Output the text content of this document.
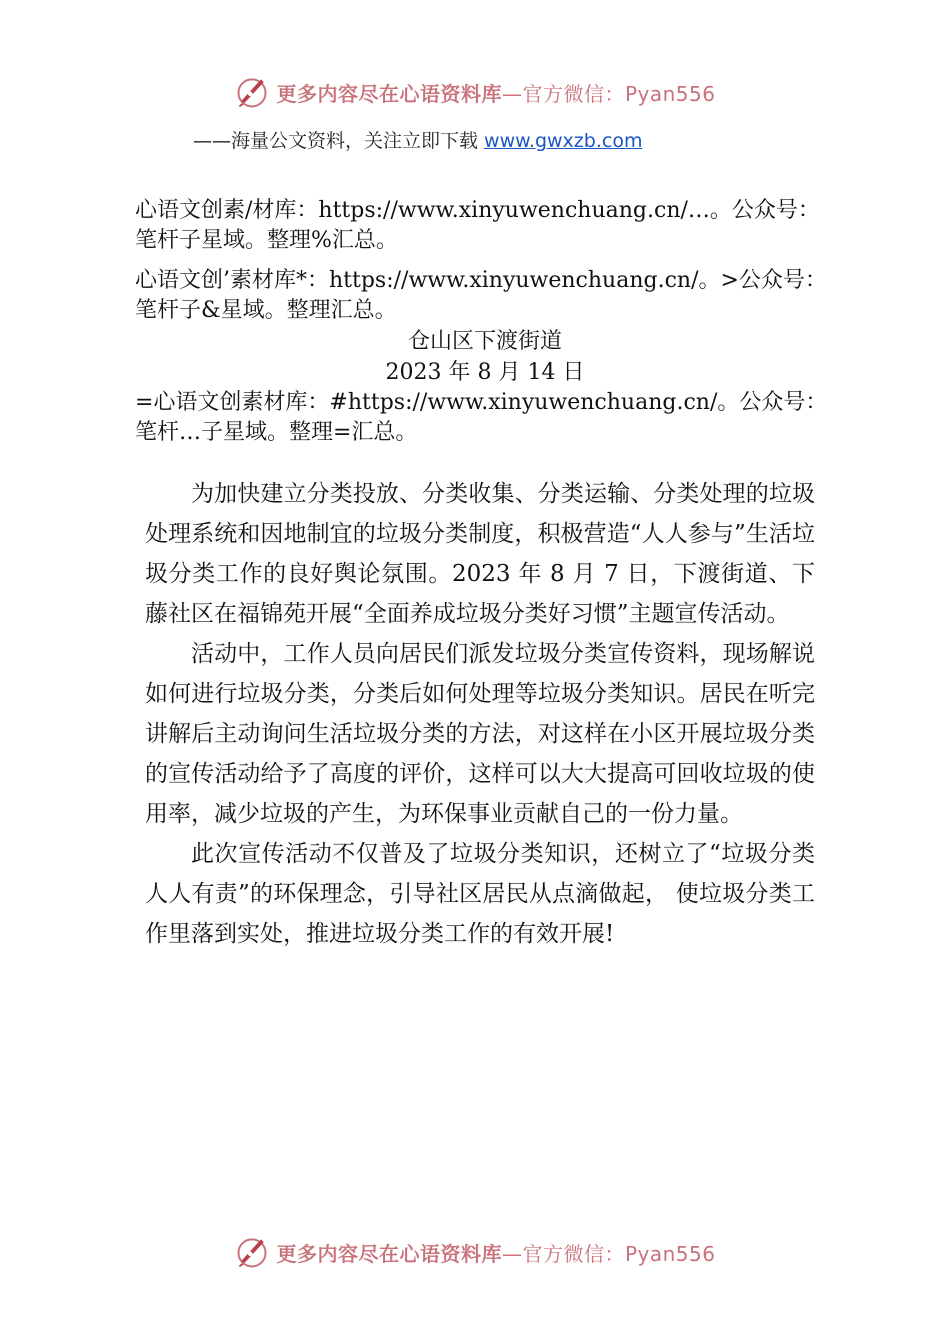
更多内容尽在心语资料库—官方微信：Pyan556
——海量公文资料，关注立即下载 www.gwxzb.com

心语文创素/材库：https://www.xinyuwenchuang.cn/…。公众号：笔杆子星域。整理%汇总。

心语文创’素材库*：https://www.xinyuwenchuang.cn/。>公众号：笔杆子&星域。整理汇总。

仓山区下渡街道

2023 年 8 月 14 日

=心语文创素材库：#https://www.xinyuwenchuang.cn/。公众号：笔杆…子星域。整理=汇总。

为加快建立分类投放、分类收集、分类运输、分类处理的垃圾处理系统和因地制宜的垃圾分类制度，积极营造“人人参与”生活垃圾分类工作的良好舆论氛围。2023 年 8 月 7 日，下渡街道、下藤社区在福锦苑开展“全面养成垃圾分类好习惯”主题宣传活动。

活动中，工作人员向居民们派发垃圾分类宣传资料，现场解说如何进行垃圾分类，分类后如何处理等垃圾分类知识。居民在听完讲解后主动询问生活垃圾分类的方法，对这样在小区开展垃圾分类的宣传活动给予了高度的评价，这样可以大大提高可回收垃圾的使用率，减少垃圾的产生，为环保事业贡献自己的一份力量。

此次宣传活动不仅普及了垃圾分类知识，还树立了“垃圾分类人人有责”的环保理念，引导社区居民从点滴做起， 使垃圾分类工作里落到实处，推进垃圾分类工作的有效开展!

更多内容尽在心语资料库—官方微信：Pyan556
